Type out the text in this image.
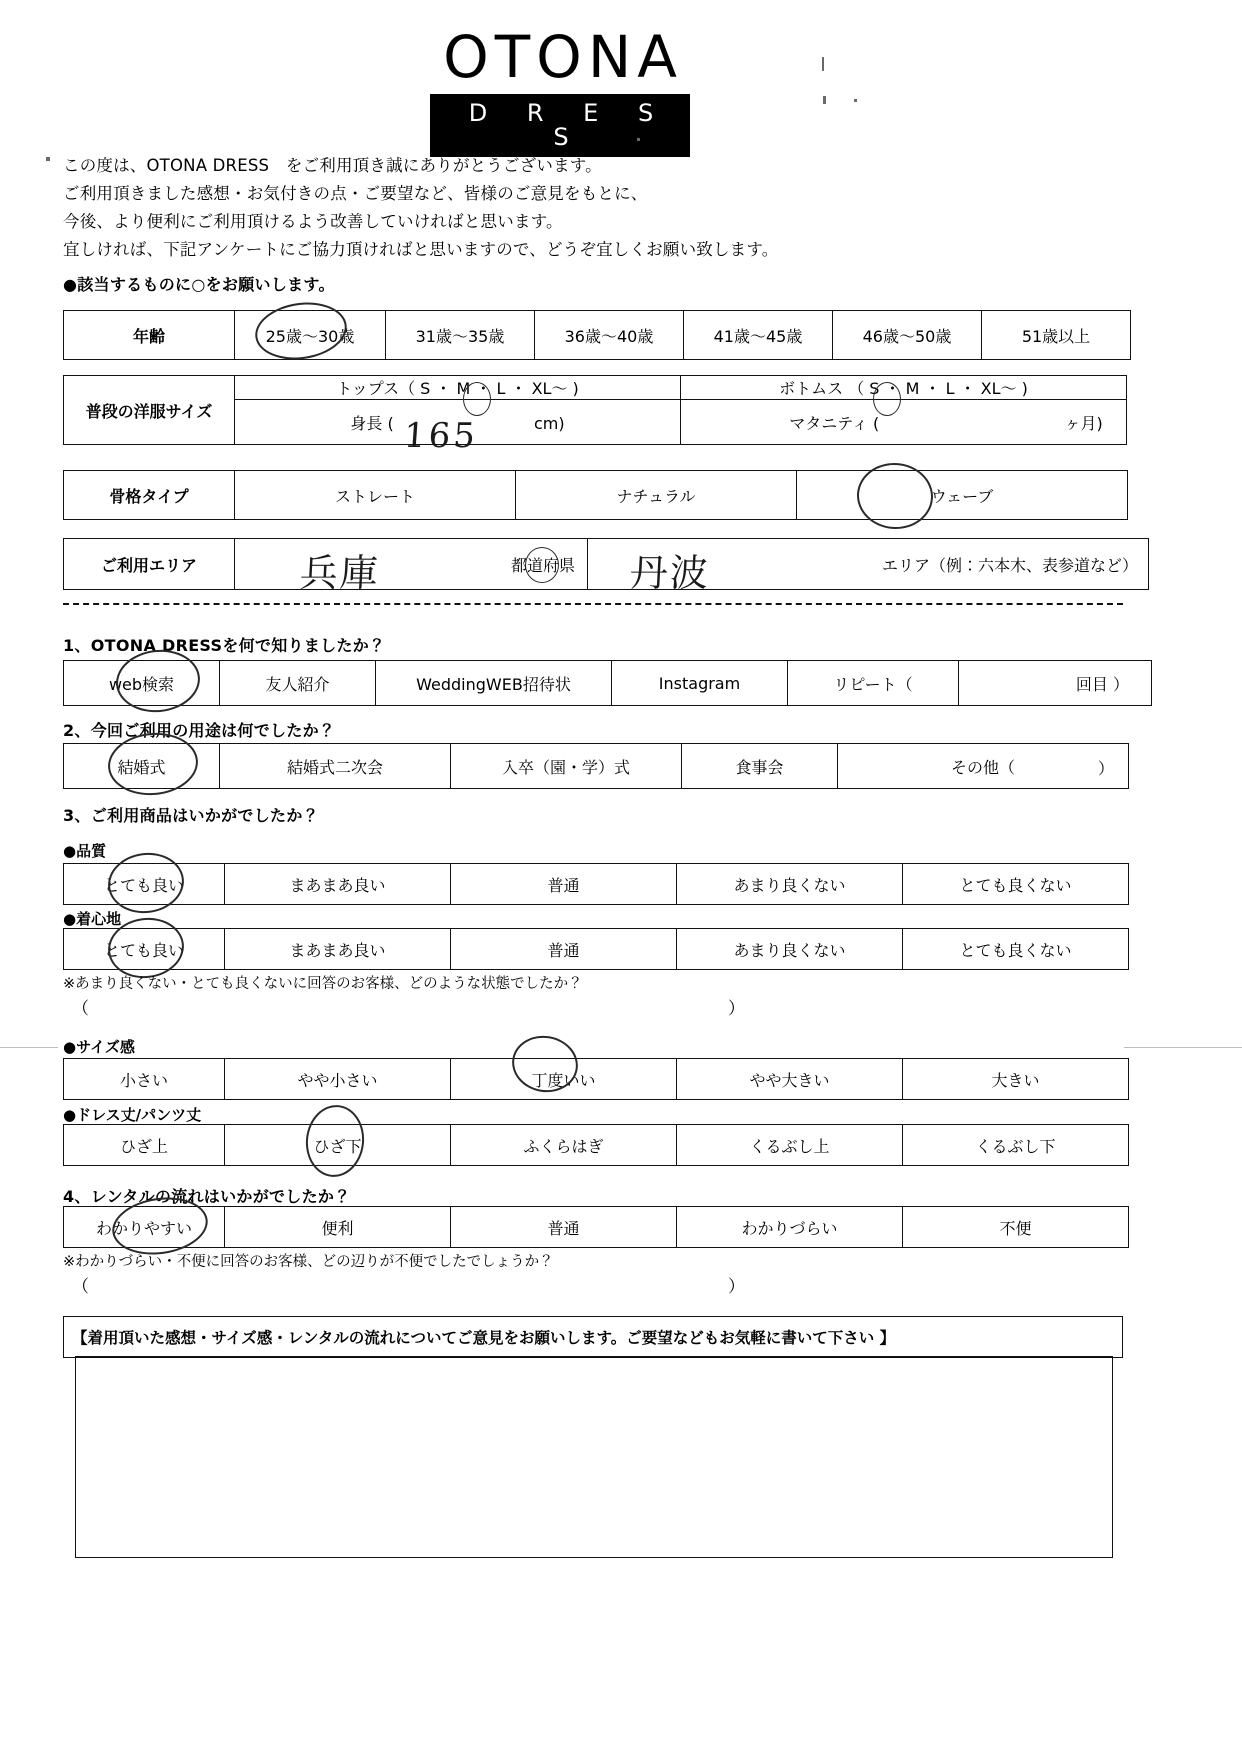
OTONA
D R E S S
この度は、OTONA DRESS　をご利用頂き誠にありがとうございます。
ご利用頂きました感想・お気付きの点・ご要望など、皆様のご意見をもとに、
今後、より便利にご利用頂けるよう改善していければと思います。
宜しければ、下記アンケートにご協力頂ければと思いますので、どうぞ宜しくお願い致します。
●該当するものに○をお願いします。
年齢	25歳〜30歳	31歳〜35歳	36歳〜40歳	41歳〜45歳	46歳〜50歳	51歳以上
普段の洋服サイズ	トップス（ S ・ M ・ L ・ XL〜 )	ボトムス （ S ・ M ・ L ・ XL〜 )
	身長 ( cm)	マタニティ ( ヶ月)
165
骨格タイプ	ストレート	ナチュラル	ウェーブ
ご利用エリア	都道府県	エリア（例：六本木、表参道など）
兵庫	丹波
1、OTONA DRESSを何で知りましたか？
web検索	友人紹介	WeddingWEB招待状	Instagram	リピート（	回目 ）
2、今回ご利用の用途は何でしたか？
結婚式	結婚式二次会	入卒（園・学）式	食事会	その他（	）
3、ご利用商品はいかがでしたか？
●品質
とても良い	まあまあ良い	普通	あまり良くない	とても良くない
●着心地
とても良い	まあまあ良い	普通	あまり良くない	とても良くない
※あまり良くない・とても良くないに回答のお客様、どのような状態でしたか？
（	）
●サイズ感
小さい	やや小さい	丁度いい	やや大きい	大きい
●ドレス丈/パンツ丈
ひざ上	ひざ下	ふくらはぎ	くるぶし上	くるぶし下
4、レンタルの流れはいかがでしたか？
わかりやすい	便利	普通	わかりづらい	不便
※わかりづらい・不便に回答のお客様、どの辺りが不便でしたでしょうか？
（	）
【着用頂いた感想・サイズ感・レンタルの流れについてご意見をお願いします。ご要望などもお気軽に書いて下さい 】
